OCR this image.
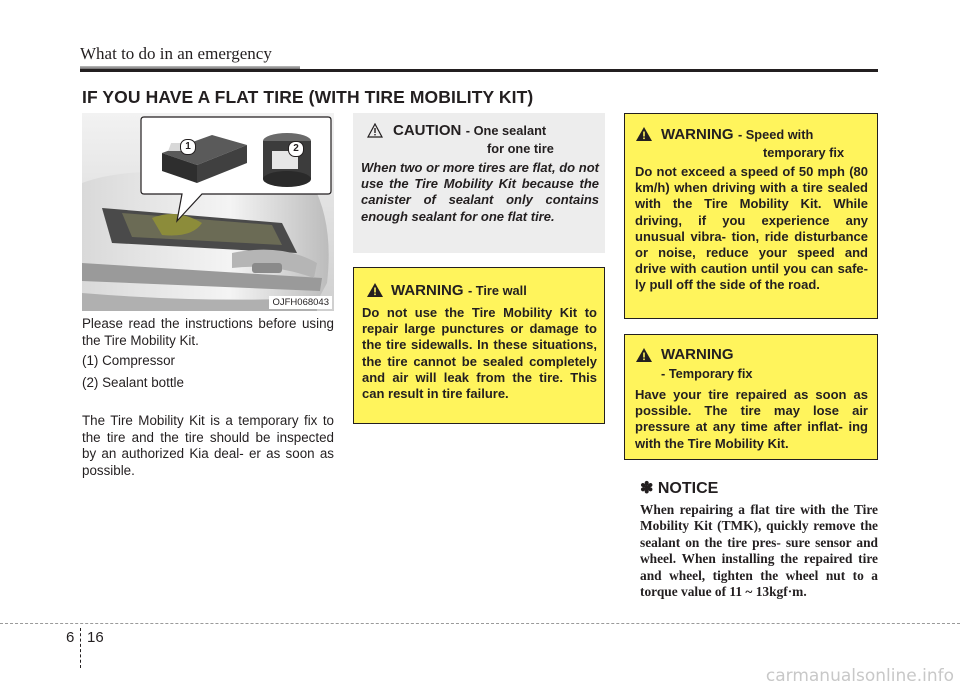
What to do in an emergency
IF YOU HAVE A FLAT TIRE (WITH TIRE MOBILITY KIT)
1	2
OJFH068043
Please read the instructions before using the Tire Mobility Kit.
(1) Compressor
(2) Sealant bottle
The Tire Mobility Kit is a temporary fix to the tire and the tire should be inspected by an authorized Kia deal- er as soon as possible.
CAUTION - One sealant
for one tire
When two or more tires are flat, do not use the Tire Mobility Kit because the canister of sealant only contains enough sealant for one flat tire.
WARNING - Tire wall
Do not use the Tire Mobility Kit to repair large punctures or damage to the tire sidewalls. In these situations, the tire cannot be sealed completely and air will leak from the tire. This can result in tire failure.
WARNING - Speed with
temporary fix
Do not exceed a speed of 50 mph (80 km/h) when driving with a tire sealed with the Tire Mobility Kit. While driving, if you experience any unusual vibra- tion, ride disturbance or noise, reduce your speed and drive with caution until you can safe- ly pull off the side of the road.
WARNING
- Temporary fix
Have your tire repaired as soon as possible. The tire may lose air pressure at any time after inflat- ing with the Tire Mobility Kit.
✽ NOTICE
When repairing a flat tire with the Tire Mobility Kit (TMK), quickly remove the sealant on the tire pres- sure sensor and wheel. When installing the repaired tire and wheel, tighten the wheel nut to a torque value of 11 ~ 13kgf·m.
6 16
carmanualsonline.info
